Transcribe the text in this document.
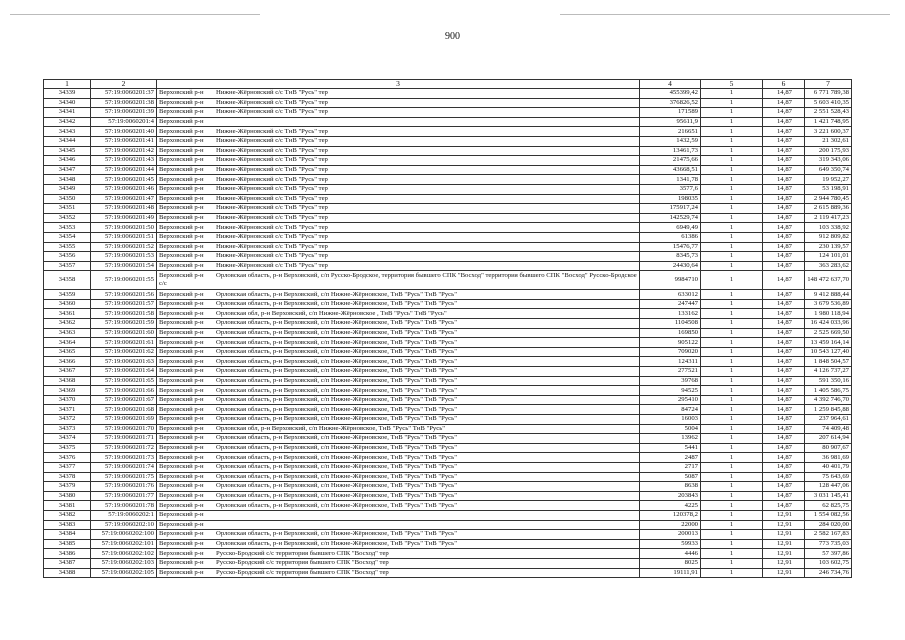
900
1	2	3	4	5	6	7
34339	57:19:0060201:37	Верховский р-н Нижне-Жёрновский с/с ТнВ "Русь" тер	455399,42	1	14,87	6 771 789,38
34340	57:19:0060201:38	Верховский р-н Нижне-Жёрновский с/с ТнВ "Русь" тер	376826,52	1	14,87	5 603 410,35
34341	57:19:0060201:39	Верховский р-н Нижне-Жёрновский с/с ТнВ "Русь" тер	171589	1	14,87	2 551 528,43
34342	57:19:0060201:4	Верховский р-н	95611,9	1	14,87	1 421 748,95
34343	57:19:0060201:40	Верховский р-н Нижне-Жёрновский с/с ТнВ "Русь" тер	216651	1	14,87	3 221 600,37
34344	57:19:0060201:41	Верховский р-н Нижне-Жёрновский с/с ТнВ "Русь" тер	1432,59	1	14,87	21 302,61
34345	57:19:0060201:42	Верховский р-н Нижне-Жёрновский с/с ТнВ "Русь" тер	13461,73	1	14,87	200 175,93
34346	57:19:0060201:43	Верховский р-н Нижне-Жёрновский с/с ТнВ "Русь" тер	21475,66	1	14,87	319 343,06
34347	57:19:0060201:44	Верховский р-н Нижне-Жёрновский с/с ТнВ "Русь" тер	43668,51	1	14,87	649 350,74
34348	57:19:0060201:45	Верховский р-н Нижне-Жёрновский с/с ТнВ "Русь" тер	1341,78	1	14,87	19 952,27
34349	57:19:0060201:46	Верховский р-н Нижне-Жёрновский с/с ТнВ "Русь" тер	3577,6	1	14,87	53 198,91
34350	57:19:0060201:47	Верховский р-н Нижне-Жёрновский с/с ТнВ "Русь" тер	198035	1	14,87	2 944 780,45
34351	57:19:0060201:48	Верховский р-н Нижне-Жёрновский с/с ТнВ "Русь" тер	175917,24	1	14,87	2 615 889,36
34352	57:19:0060201:49	Верховский р-н Нижне-Жёрновский с/с ТнВ "Русь" тер	142529,74	1	14,87	2 119 417,23
34353	57:19:0060201:50	Верховский р-н Нижне-Жёрновский с/с ТнВ "Русь" тер	6949,49	1	14,87	103 338,92
34354	57:19:0060201:51	Верховский р-н Нижне-Жёрновский с/с ТнВ "Русь" тер	61386	1	14,87	912 809,82
34355	57:19:0060201:52	Верховский р-н Нижне-Жёрновский с/с ТнВ "Русь" тер	15476,77	1	14,87	230 139,57
34356	57:19:0060201:53	Верховский р-н Нижне-Жёрновский с/с ТнВ "Русь" тер	8345,73	1	14,87	124 101,01
34357	57:19:0060201:54	Верховский р-н Нижне-Жёрновский с/с ТнВ "Русь" тер	24430,64	1	14,87	363 283,62
34358	57:19:0060201:55	Верховский р-н Орловская область, р-н Верховский, с/п Русско-Бродское, территория бывшего СПК "Восход" территория бывшего СПК "Восход" Русско-Бродское с/с	9984710	1	14,87	148 472 637,70
34359	57:19:0060201:56	Верховский р-н Орловская область, р-н Верховский, с/п Нижне-Жёрновское, ТнВ "Русь" ТнВ "Русь"	633012	1	14,87	9 412 888,44
34360	57:19:0060201:57	Верховский р-н Орловская область, р-н Верховский, с/п Нижне-Жёрновское, ТнВ "Русь" ТнВ "Русь"	247447	1	14,87	3 679 536,89
34361	57:19:0060201:58	Верховский р-н Орловская обл, р-н Верховский, с/п Нижне-Жёрновское , ТнВ "Русь" ТнВ "Русь"	133162	1	14,87	1 980 118,94
34362	57:19:0060201:59	Верховский р-н Орловская область, р-н Верховский, с/п Нижне-Жёрновское, ТнВ "Русь" ТнВ "Русь"	1104508	1	14,87	16 424 033,96
34363	57:19:0060201:60	Верховский р-н Орловская область, р-н Верховский, с/п Нижне-Жёрновское, ТнВ "Русь" ТнВ "Русь"	169850	1	14,87	2 525 669,50
34364	57:19:0060201:61	Верховский р-н Орловская область, р-н Верховский, с/п Нижне-Жёрновское, ТнВ "Русь" ТнВ "Русь"	905122	1	14,87	13 459 164,14
34365	57:19:0060201:62	Верховский р-н Орловская область, р-н Верховский, с/п Нижне-Жёрновское, ТнВ "Русь" ТнВ "Русь"	709020	1	14,87	10 543 127,40
34366	57:19:0060201:63	Верховский р-н Орловская область, р-н Верховский, с/п Нижне-Жёрновское, ТнВ "Русь" ТнВ "Русь"	124311	1	14,87	1 848 504,57
34367	57:19:0060201:64	Верховский р-н Орловская область, р-н Верховский, с/п Нижне-Жёрновское, ТнВ "Русь" ТнВ "Русь"	277521	1	14,87	4 126 737,27
34368	57:19:0060201:65	Верховский р-н Орловская область, р-н Верховский, с/п Нижне-Жёрновское, ТнВ "Русь" ТнВ "Русь"	39768	1	14,87	591 350,16
34369	57:19:0060201:66	Верховский р-н Орловская область, р-н Верховский, с/п Нижне-Жёрновское, ТнВ "Русь" ТнВ "Русь"	94525	1	14,87	1 405 586,75
34370	57:19:0060201:67	Верховский р-н Орловская область, р-н Верховский, с/п Нижне-Жёрновское, ТнВ "Русь" ТнВ "Русь"	295410	1	14,87	4 392 746,70
34371	57:19:0060201:68	Верховский р-н Орловская область, р-н Верховский, с/п Нижне-Жёрновское, ТнВ "Русь" ТнВ "Русь"	84724	1	14,87	1 259 845,88
34372	57:19:0060201:69	Верховский р-н Орловская область, р-н Верховский, с/п Нижне-Жёрновское, ТнВ "Русь" ТнВ "Русь"	16003	1	14,87	237 964,61
34373	57:19:0060201:70	Верховский р-н Орловская обл, р-н Верховский, с/п Нижне-Жёрновское, ТнВ "Русь" ТнВ "Русь"	5004	1	14,87	74 409,48
34374	57:19:0060201:71	Верховский р-н Орловская область, р-н Верховский, с/п Нижне-Жёрновское, ТнВ "Русь" ТнВ "Русь"	13962	1	14,87	207 614,94
34375	57:19:0060201:72	Верховский р-н Орловская область, р-н Верховский, с/п Нижне-Жёрновское, ТнВ "Русь" ТнВ "Русь"	5441	1	14,87	80 907,67
34376	57:19:0060201:73	Верховский р-н Орловская область, р-н Верховский, с/п Нижне-Жёрновское, ТнВ "Русь" ТнВ "Русь"	2487	1	14,87	36 981,69
34377	57:19:0060201:74	Верховский р-н Орловская область, р-н Верховский, с/п Нижне-Жёрновское, ТнВ "Русь" ТнВ "Русь"	2717	1	14,87	40 401,79
34378	57:19:0060201:75	Верховский р-н Орловская область, р-н Верховский, с/п Нижне-Жёрновское, ТнВ "Русь" ТнВ "Русь"	5087	1	14,87	75 643,69
34379	57:19:0060201:76	Верховский р-н Орловская область, р-н Верховский, с/п Нижне-Жёрновское, ТнВ "Русь" ТнВ "Русь"	8638	1	14,87	128 447,06
34380	57:19:0060201:77	Верховский р-н Орловская область, р-н Верховский, с/п Нижне-Жёрновское, ТнВ "Русь" ТнВ "Русь"	203843	1	14,87	3 031 145,41
34381	57:19:0060201:78	Верховский р-н Орловская область, р-н Верховский, с/п Нижне-Жёрновское, ТнВ "Русь" ТнВ "Русь"	4225	1	14,87	62 825,75
34382	57:19:0060202:1	Верховский р-н	120378,2	1	12,91	1 554 082,56
34383	57:19:0060202:10	Верховский р-н	22000	1	12,91	284 020,00
34384	57:19:0060202:100	Верховский р-н Орловская область, р-н Верховский, с/п Нижне-Жёрновское, ТнВ "Русь" ТнВ "Русь"	200013	1	12,91	2 582 167,83
34385	57:19:0060202:101	Верховский р-н Орловская область, р-н Верховский, с/п Нижне-Жёрновское, ТнВ "Русь" ТнВ "Русь"	59933	1	12,91	773 735,03
34386	57:19:0060202:102	Верховский р-н Русско-Бродский с/с территория бывшего СПК "Восход" тер	4446	1	12,91	57 397,86
34387	57:19:0060202:103	Верховский р-н Русско-Бродский с/с территория бывшего СПК "Восход" тер	8025	1	12,91	103 602,75
34388	57:19:0060202:105	Верховский р-н Русско-Бродский с/с территория бывшего СПК "Восход" тер	19111,91	1	12,91	246 734,76
